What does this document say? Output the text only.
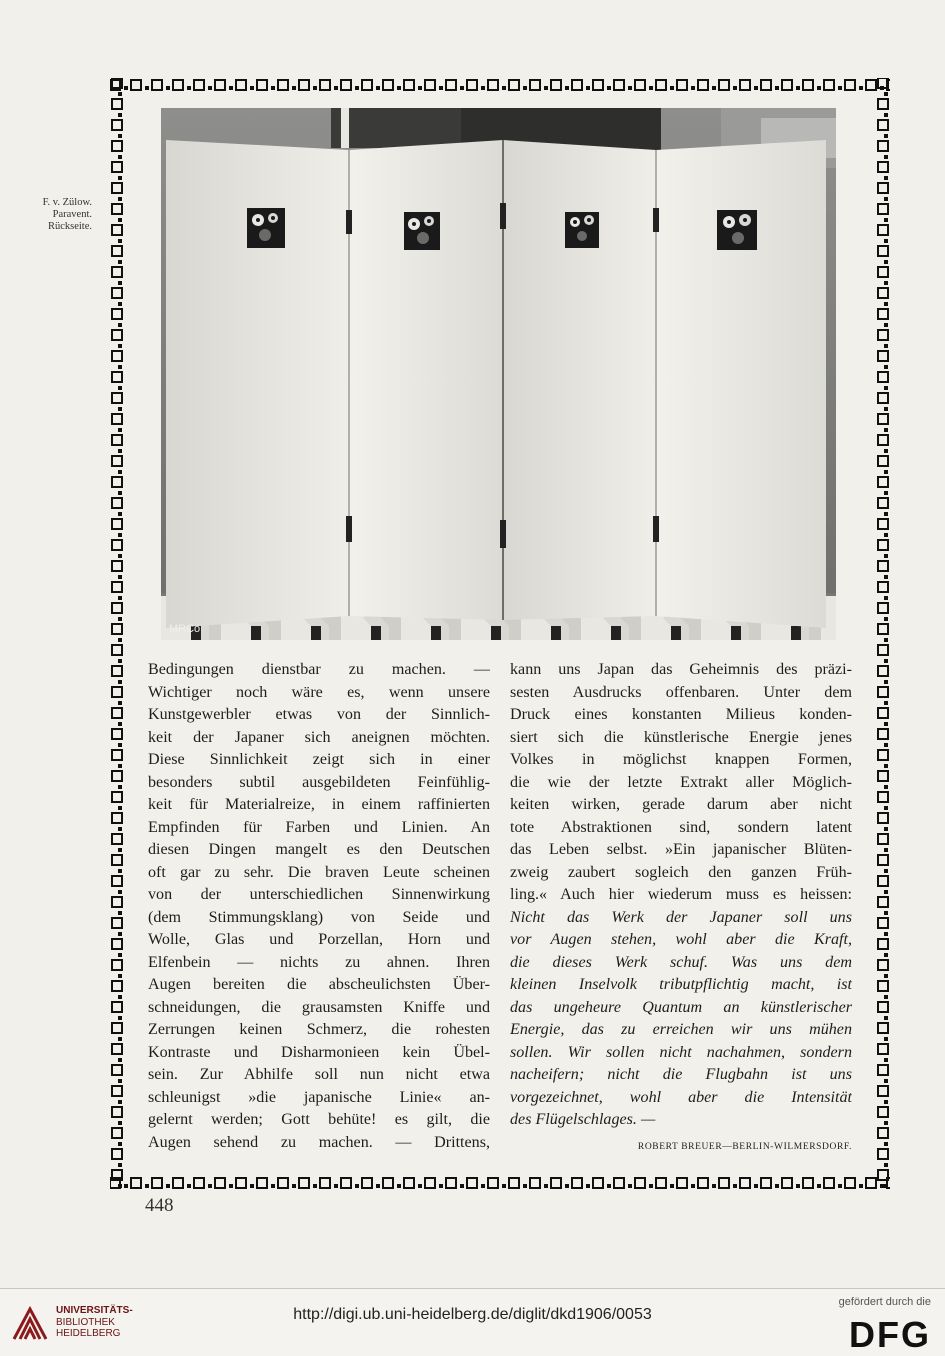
F. v. Zülow.
Paravent.
Rückseite.
MRCo
Bedingungen dienstbar zu machen. —
Wichtiger noch wäre es, wenn unsere
Kunstgewerbler etwas von der Sinnlich-
keit der Japaner sich aneignen möchten.
Diese Sinnlichkeit zeigt sich in einer
besonders subtil ausgebildeten Feinfühlig-
keit für Materialreize, in einem raffinierten
Empfinden für Farben und Linien. An
diesen Dingen mangelt es den Deutschen
oft gar zu sehr. Die braven Leute scheinen
von der unterschiedlichen Sinnenwirkung
(dem Stimmungsklang) von Seide und
Wolle, Glas und Porzellan, Horn und
Elfenbein — nichts zu ahnen. Ihren
Augen bereiten die abscheulichsten Über-
schneidungen, die grausamsten Kniffe und
Zerrungen keinen Schmerz, die rohesten
Kontraste und Disharmonieen kein Übel-
sein. Zur Abhilfe soll nun nicht etwa
schleunigst »die japanische Linie« an-
gelernt werden; Gott behüte! es gilt, die
Augen sehend zu machen. — Drittens,
kann uns Japan das Geheimnis des präzi-
sesten Ausdrucks offenbaren. Unter dem
Druck eines konstanten Milieus konden-
siert sich die künstlerische Energie jenes
Volkes in möglichst knappen Formen,
die wie der letzte Extrakt aller Möglich-
keiten wirken, gerade darum aber nicht
tote Abstraktionen sind, sondern latent
das Leben selbst. »Ein japanischer Blüten-
zweig zaubert sogleich den ganzen Früh-
ling.« Auch hier wiederum muss es heissen:
Nicht das Werk der Japaner soll uns
vor Augen stehen, wohl aber die Kraft,
die dieses Werk schuf. Was uns dem
kleinen Inselvolk tributpflichtig macht, ist
das ungeheure Quantum an künstlerischer
Energie, das zu erreichen wir uns mühen
sollen. Wir sollen nicht nachahmen, sondern
nacheifern; nicht die Flugbahn ist uns
vorgezeichnet, wohl aber die Intensität
des Flügelschlages. —
ROBERT BREUER—BERLIN-WILMERSDORF.
448
UNIVERSITÄTS-
BIBLIOTHEK
HEIDELBERG
http://digi.ub.uni-heidelberg.de/diglit/dkd1906/0053
gefördert durch die
DFG
